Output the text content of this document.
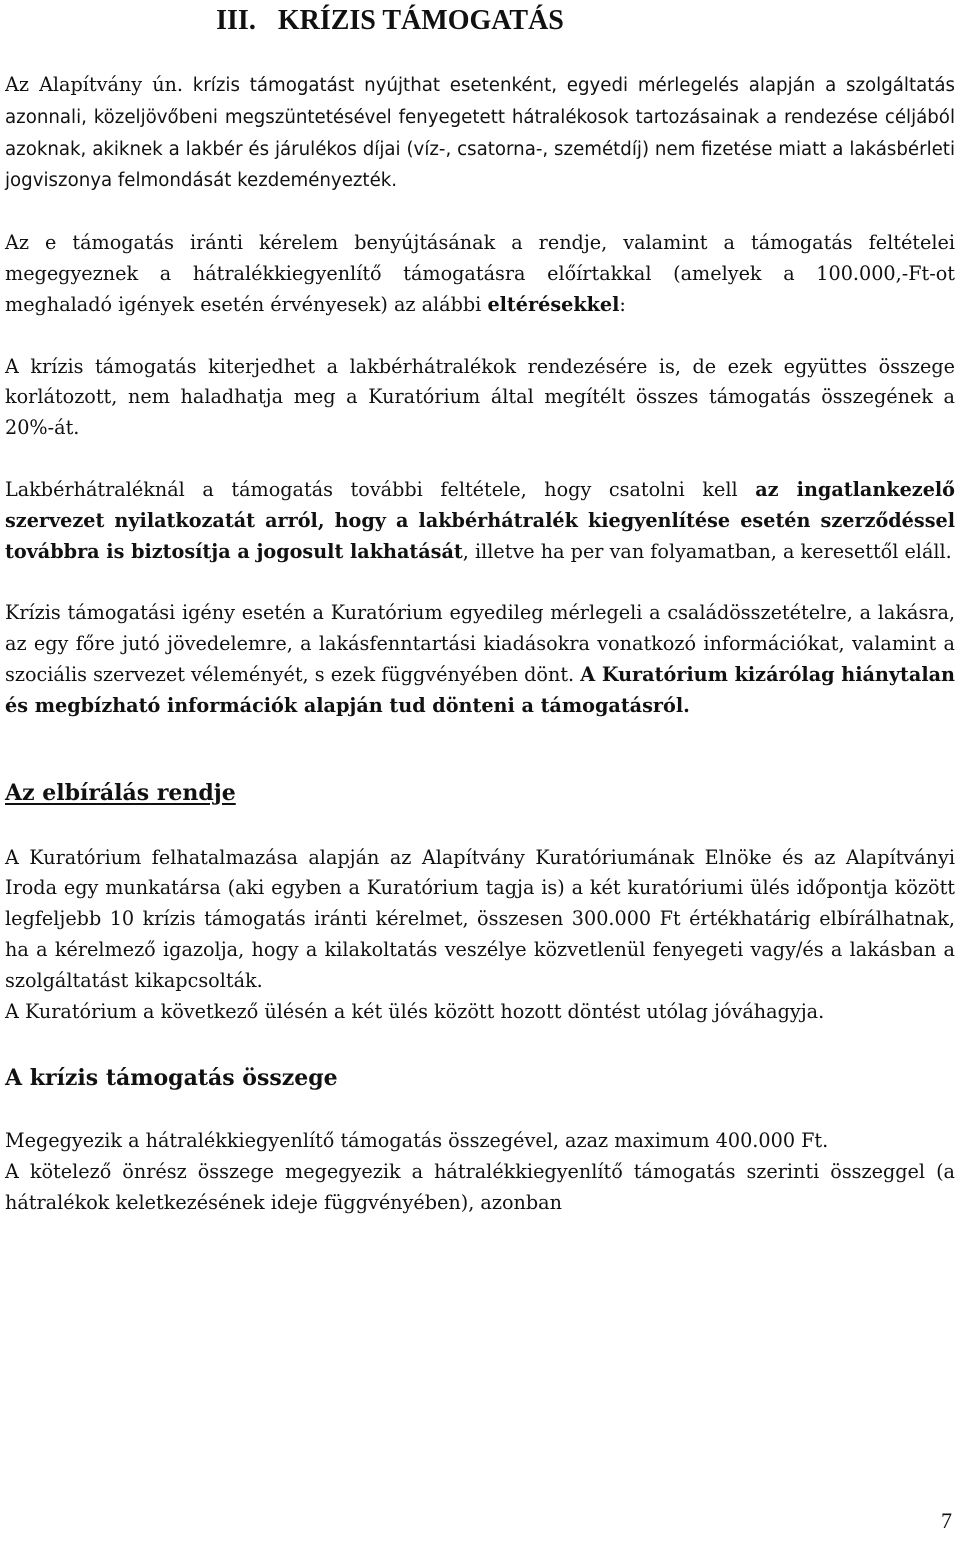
III. KRÍZIS TÁMOGATÁS

Az Alapítvány ún. krízis támogatást nyújthat esetenként, egyedi mérlegelés alapján a szolgáltatás azonnali, közeljövőbeni megszüntetésével fenyegetett hátralékosok tartozásainak a rendezése céljából azoknak, akiknek a lakbér és járulékos díjai (víz-, csatorna-, szemétdíj) nem fizetése miatt a lakásbérleti jogviszonya felmondását kezdeményezték.

Az e támogatás iránti kérelem benyújtásának a rendje, valamint a támogatás feltételei megegyeznek a hátralékkiegyenlítő támogatásra előírtakkal (amelyek a 100.000,-Ft-ot meghaladó igények esetén érvényesek) az alábbi eltérésekkel:

A krízis támogatás kiterjedhet a lakbérhátralékok rendezésére is, de ezek együttes összege korlátozott, nem haladhatja meg a Kuratórium által megítélt összes támogatás összegének a 20%-át.

Lakbérhátraléknál a támogatás további feltétele, hogy csatolni kell az ingatlankezelő szervezet nyilatkozatát arról, hogy a lakbérhátralék kiegyenlítése esetén szerződéssel továbbra is biztosítja a jogosult lakhatását, illetve ha per van folyamatban, a keresettől eláll.

Krízis támogatási igény esetén a Kuratórium egyedileg mérlegeli a családösszetételre, a lakásra, az egy főre jutó jövedelemre, a lakásfenntartási kiadásokra vonatkozó információkat, valamint a szociális szervezet véleményét, s ezek függvényében dönt. A Kuratórium kizárólag hiánytalan és megbízható információk alapján tud dönteni a támogatásról.

Az elbírálás rendje

A Kuratórium felhatalmazása alapján az Alapítvány Kuratóriumának Elnöke és az Alapítványi Iroda egy munkatársa (aki egyben a Kuratórium tagja is) a két kuratóriumi ülés időpontja között legfeljebb 10 krízis támogatás iránti kérelmet, összesen 300.000 Ft értékhatárig elbírálhatnak, ha a kérelmező igazolja, hogy a kilakoltatás veszélye közvetlenül fenyegeti vagy/és a lakásban a szolgáltatást kikapcsolták.

A Kuratórium a következő ülésén a két ülés között hozott döntést utólag jóváhagyja.

A krízis támogatás összege

Megegyezik a hátralékkiegyenlítő támogatás összegével, azaz maximum 400.000 Ft.

A kötelező önrész összege megegyezik a hátralékkiegyenlítő támogatás szerinti összeggel (a hátralékok keletkezésének ideje függvényében), azonban

7
